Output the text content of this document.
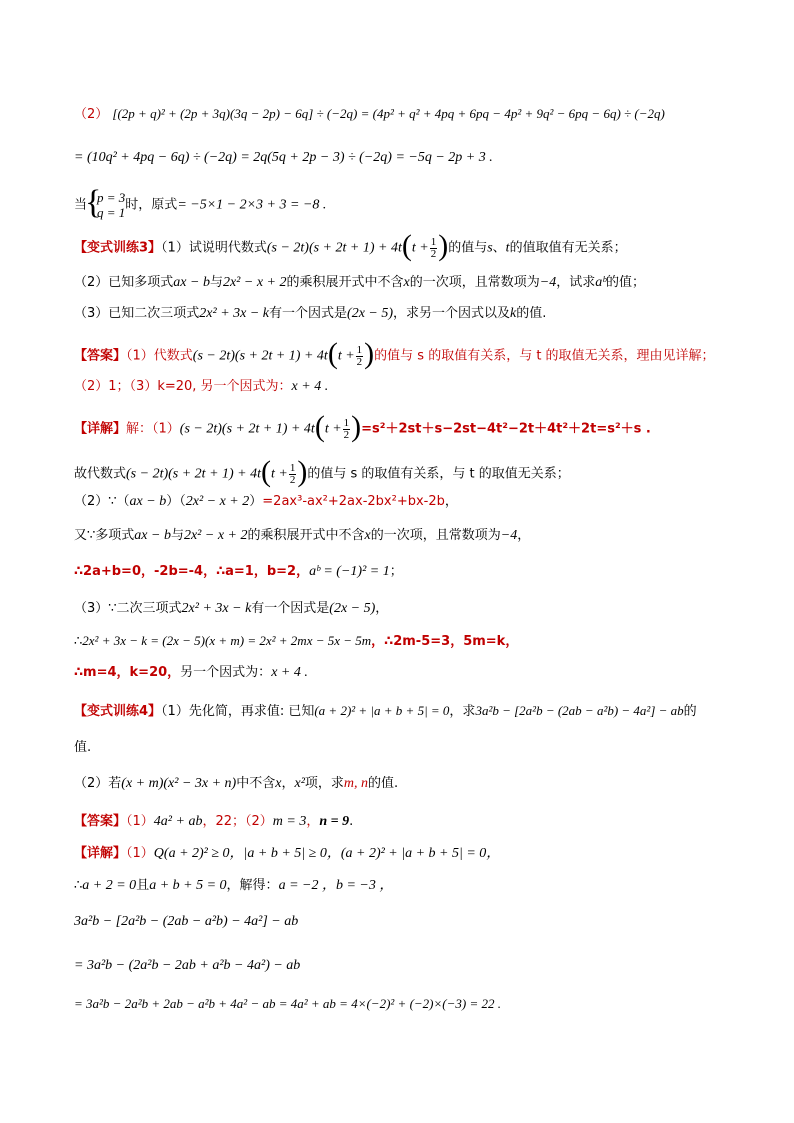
（2） [(2p + q)² + (2p + 3q)(3q − 2p) − 6q] ÷ (−2q) = (4p² + q² + 4pq + 6pq − 4p² + 9q² − 6pq − 6q) ÷ (−2q)
= (10q² + 4pq − 6q) ÷ (−2q) = 2q(5q + 2p − 3) ÷ (−2q) = −5q − 2p + 3 .
当
{
p = 3
q = 1 时，原式= −5×1 − 2×3 + 3 = −8 .
【变式训练3】（1）试说明代数式$(s - 2t)(s + 2t + 1) + 4t(t + \frac{1}{2}$ )的值与s、t的值取值有无关系；
（2）已知多项式ax − b与2x² − x + 2的乘积展开式中不含x的一次项，且常数项为−4，试求aᵇ的值；
（3）已知二次三项式2x² + 3x − k有一个因式是(2x − 5)，求另一个因式以及k的值.
【答案】（1）代数式$(s - 2t)(s + 2t + 1) + 4t(t + \frac{1}{2}$ )的值与 s 的取值有关系，与 t 的取值无关系，理由见详解；
（2）1；（3）k=20, 另一个因式为：x + 4 .
【详解】解：$(1)(s - 2t)(s + 2t + 1) + 4t(t + \frac{1}{2} )=s^2+2st+s-2st-4t^2-2t+4t^2+2t=s^2+s$ .
故代数式$(s - 2t)(s + 2t + 1) + 4t(t + \frac{1}{2}$ )的值与 s 的取值有关系，与 t 的取值无关系；
（2）∵（ax − b）（2x² − x + 2）=2ax³-ax²+2ax-2bx²+bx-2b，
又∵多项式ax − b与2x² − x + 2的乘积展开式中不含x的一次项，且常数项为−4，
∴2a+b=0，-2b=-4，∴a=1，b=2，aᵇ = (−1)² = 1；
（3）∵二次三项式2x² + 3x − k有一个因式是(2x − 5)，
∴2x² + 3x − k = (2x − 5)(x + m) = 2x² + 2mx − 5x − 5m，∴2m-5=3，5m=k，
∴m=4，k=20，另一个因式为：x + 4 .
【变式训练4】（1）先化简，再求值: 已知(a + 2)² + |a + b + 5| = 0，求3a²b − [2a²b − (2ab − a²b) − 4a²] − ab的
值.
（2）若(x + m)(x² − 3x + n)中不含x，x²项，求m, n的值.
【答案】（1）4a² + ab，22；（2）m = 3，n = 9.
【详解】（1）Q(a + 2)² ≥ 0，|a + b + 5| ≥ 0，(a + 2)² + |a + b + 5| = 0，
∴a + 2 = 0且a + b + 5 = 0，解得：a = −2 ，b = −3 ，
3a²b − [2a²b − (2ab − a²b) − 4a²] − ab
= 3a²b − (2a²b − 2ab + a²b − 4a²) − ab
= 3a²b − 2a²b + 2ab − a²b + 4a² − ab = 4a² + ab = 4×(−2)² + (−2)×(−3) = 22 .
